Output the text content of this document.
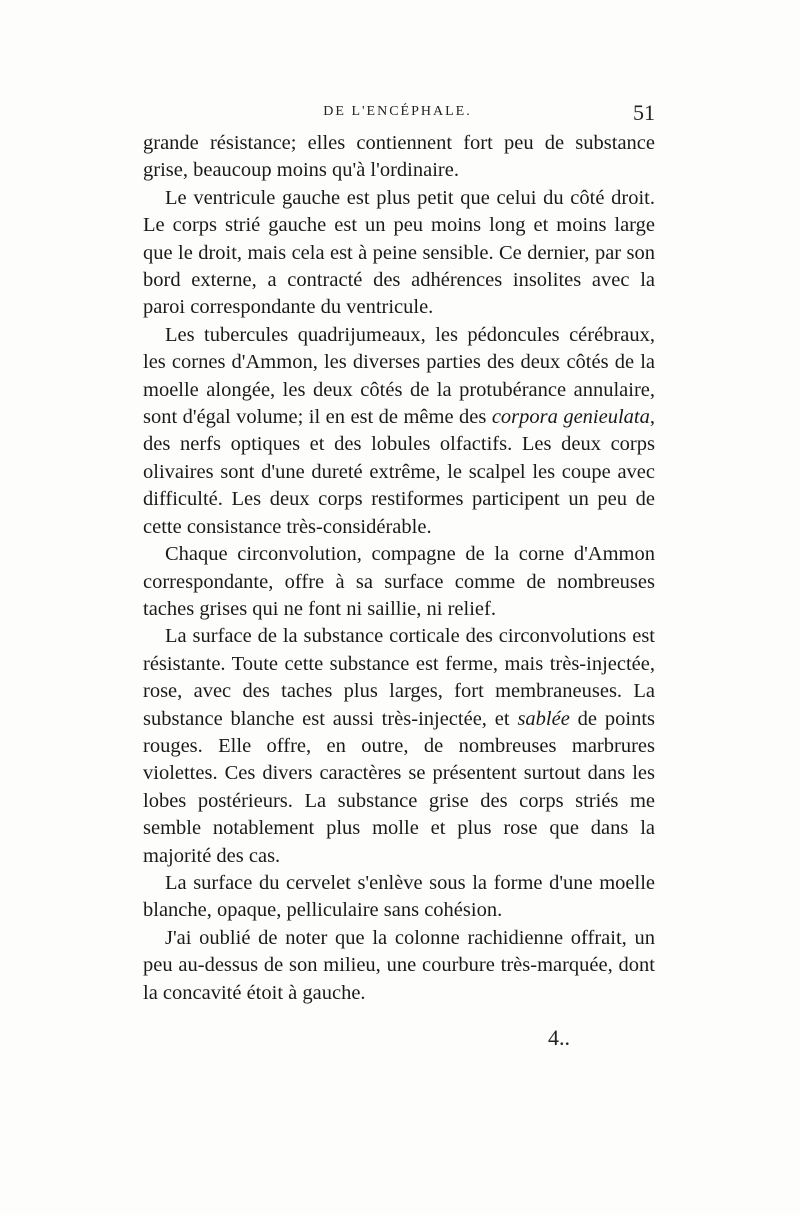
DE L'ENCÉPHALE.	51

grande résistance; elles contiennent fort peu de substance grise, beaucoup moins qu'à l'ordinaire.

Le ventricule gauche est plus petit que celui du côté droit. Le corps strié gauche est un peu moins long et moins large que le droit, mais cela est à peine sensible. Ce dernier, par son bord externe, a contracté des adhérences insolites avec la paroi correspondante du ventricule.

Les tubercules quadrijumeaux, les pédoncules cérébraux, les cornes d'Ammon, les diverses parties des deux côtés de la moelle alongée, les deux côtés de la protubérance annulaire, sont d'égal volume; il en est de même des corpora genieulata, des nerfs optiques et des lobules olfactifs. Les deux corps olivaires sont d'une dureté extrême, le scalpel les coupe avec difficulté. Les deux corps restiformes participent un peu de cette consistance très-considérable.

Chaque circonvolution, compagne de la corne d'Ammon correspondante, offre à sa surface comme de nombreuses taches grises qui ne font ni saillie, ni relief.

La surface de la substance corticale des circonvolutions est résistante. Toute cette substance est ferme, mais très-injectée, rose, avec des taches plus larges, fort membraneuses. La substance blanche est aussi très-injectée, et sablée de points rouges. Elle offre, en outre, de nombreuses marbrures violettes. Ces divers caractères se présentent surtout dans les lobes postérieurs. La substance grise des corps striés me semble notablement plus molle et plus rose que dans la majorité des cas.

La surface du cervelet s'enlève sous la forme d'une moelle blanche, opaque, pelliculaire sans cohésion.

J'ai oublié de noter que la colonne rachidienne offrait, un peu au-dessus de son milieu, une courbure très-marquée, dont la concavité étoit à gauche.

4..
